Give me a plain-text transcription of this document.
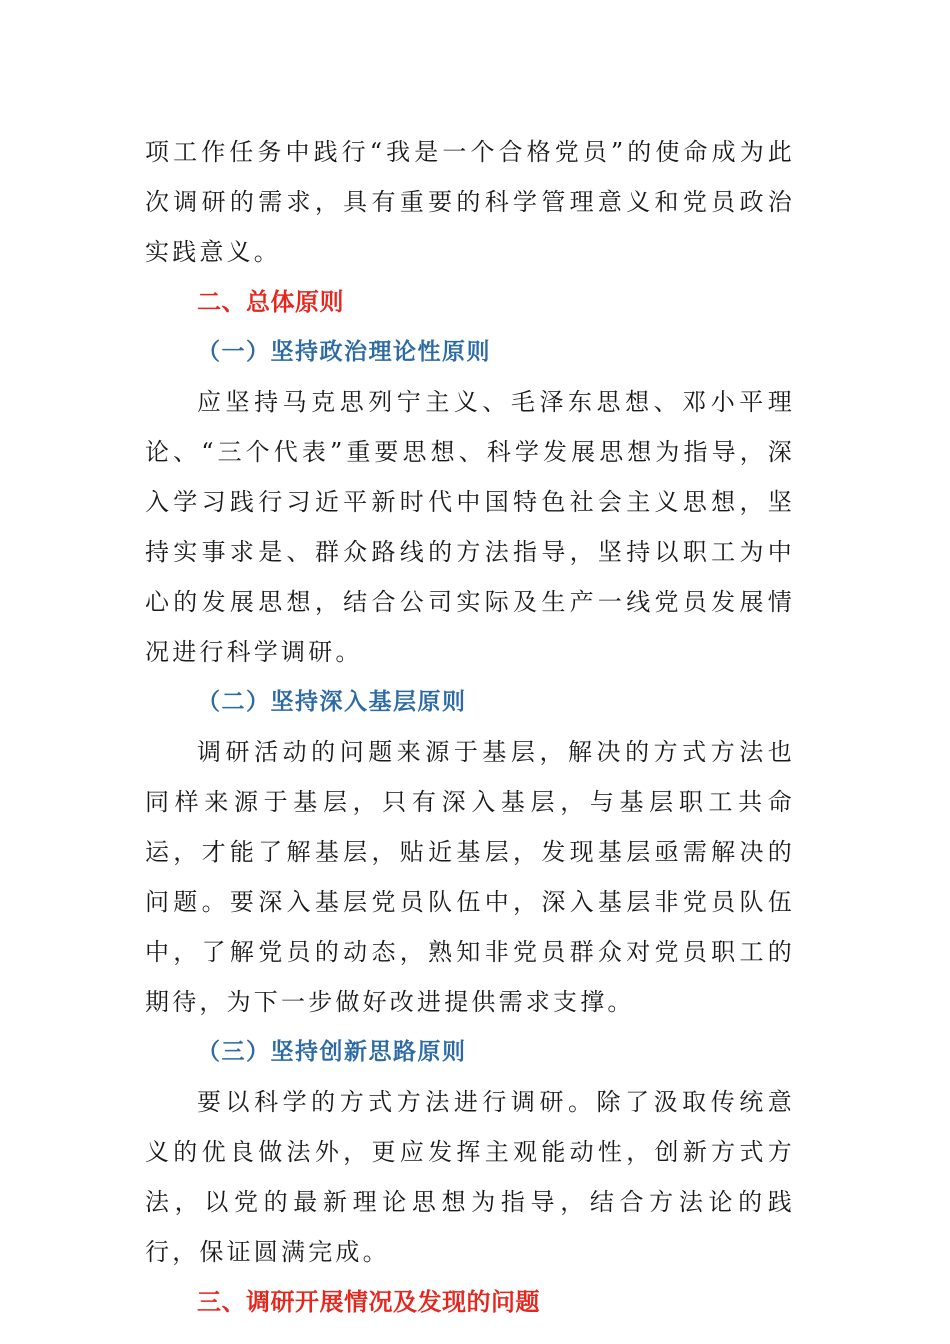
项工作任务中践行“我是一个合格党员”的使命成为此次调研的需求，具有重要的科学管理意义和党员政治实践意义。

二、总体原则
（一）坚持政治理论性原则

应坚持马克思列宁主义、毛泽东思想、邓小平理论、“三个代表”重要思想、科学发展思想为指导，深入学习践行习近平新时代中国特色社会主义思想，坚持实事求是、群众路线的方法指导，坚持以职工为中心的发展思想，结合公司实际及生产一线党员发展情况进行科学调研。

（二）坚持深入基层原则

调研活动的问题来源于基层，解决的方式方法也同样来源于基层，只有深入基层，与基层职工共命运，才能了解基层，贴近基层，发现基层亟需解决的问题。要深入基层党员队伍中，深入基层非党员队伍中，了解党员的动态，熟知非党员群众对党员职工的期待，为下一步做好改进提供需求支撑。

（三）坚持创新思路原则

要以科学的方式方法进行调研。除了汲取传统意义的优良做法外，更应发挥主观能动性，创新方式方法，以党的最新理论思想为指导，结合方法论的践行，保证圆满完成。

三、调研开展情况及发现的问题
